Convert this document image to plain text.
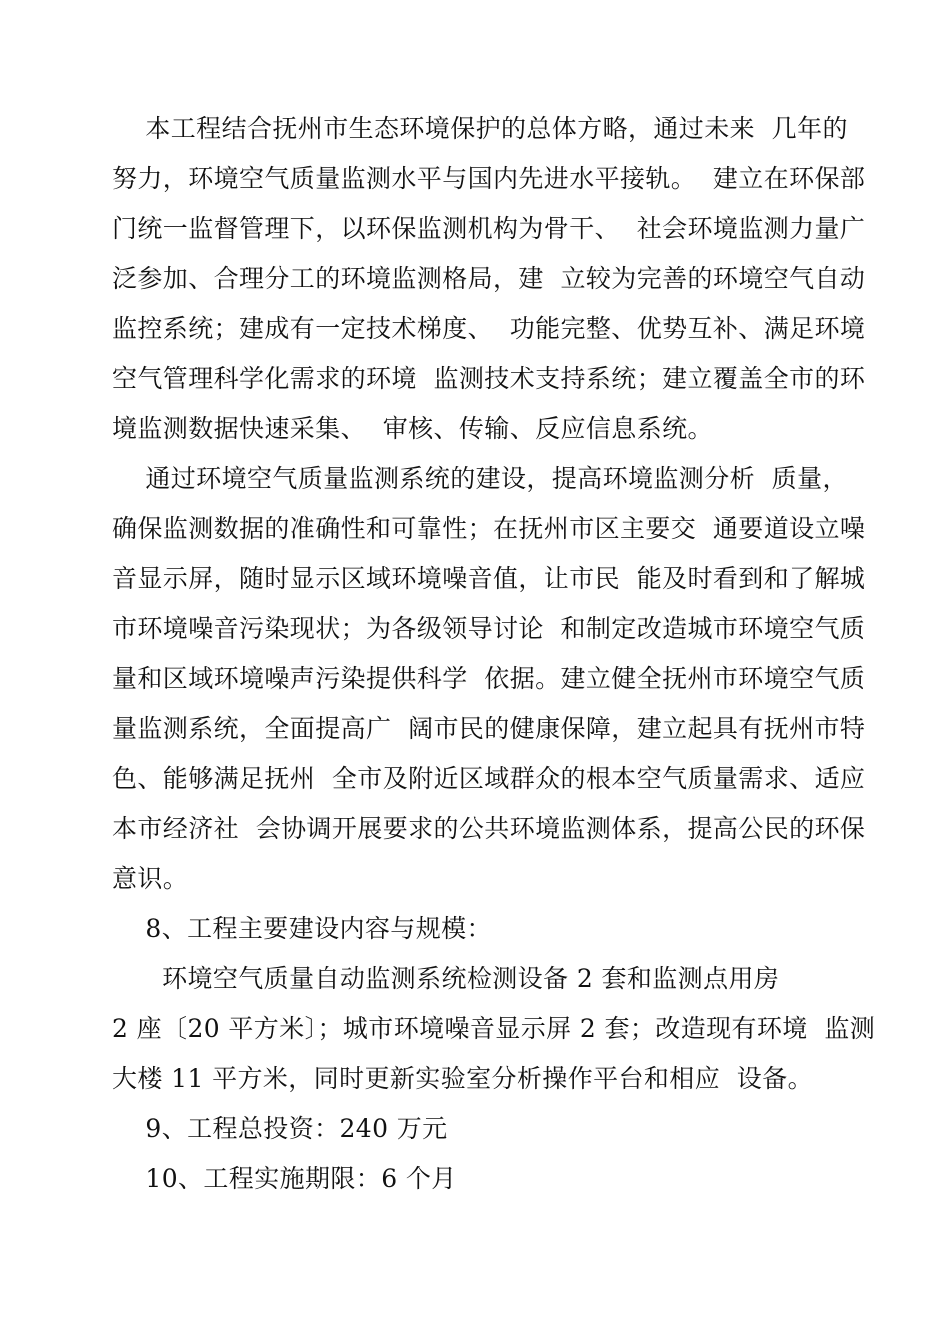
本工程结合抚州市生态环境保护的总体方略，通过未来  几年的
努力，环境空气质量监测水平与国内先进水平接轨。  建立在环保部
门统一监督管理下，以环保监测机构为骨干、  社会环境监测力量广
泛参加、合理分工的环境监测格局，建  立较为完善的环境空气自动
监控系统；建成有一定技术梯度、  功能完整、优势互补、满足环境
空气管理科学化需求的环境  监测技术支持系统；建立覆盖全市的环
境监测数据快速采集、  审核、传输、反应信息系统。
通过环境空气质量监测系统的建设，提高环境监测分析  质量，
确保监测数据的准确性和可靠性；在抚州市区主要交  通要道设立噪
音显示屏，随时显示区域环境噪音值，让市民  能及时看到和了解城
市环境噪音污染现状；为各级领导讨论  和制定改造城市环境空气质
量和区域环境噪声污染提供科学  依据。建立健全抚州市环境空气质
量监测系统，全面提高广  阔市民的健康保障，建立起具有抚州市特
色、能够满足抚州  全市及附近区域群众的根本空气质量需求、适应
本市经济社  会协调开展要求的公共环境监测体系，提高公民的环保
意识。
8、工程主要建设内容与规模：
环境空气质量自动监测系统检测设备 2 套和监测点用房
2 座〔20 平方米〕；城市环境噪音显示屏 2 套；改造现有环境  监测
大楼 11 平方米，同时更新实验室分析操作平台和相应  设备。
9、工程总投资：240 万元
10、工程实施期限：6 个月
